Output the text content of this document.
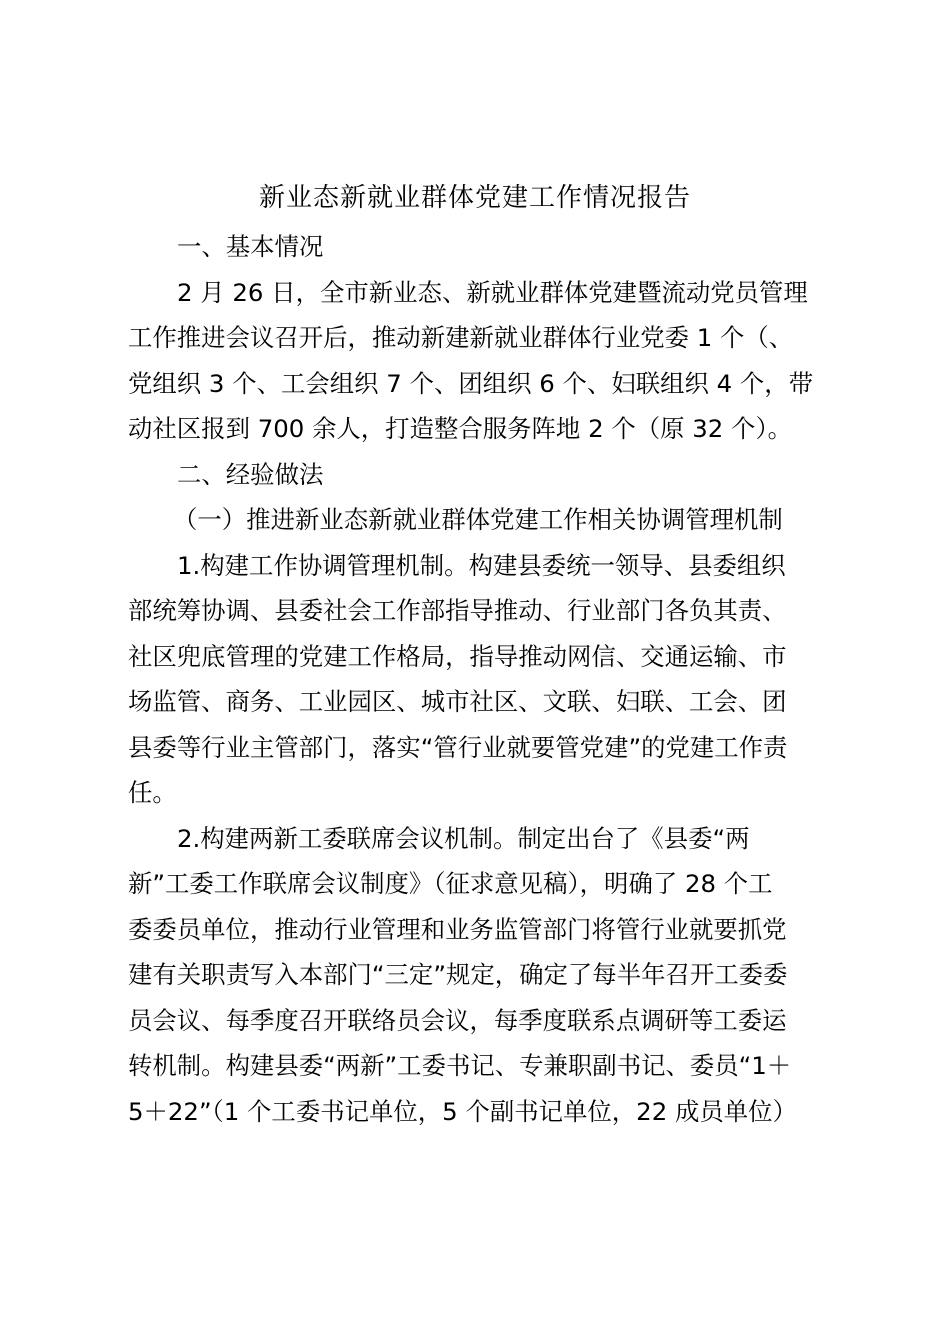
新业态新就业群体党建工作情况报告
一、基本情况
2 月 26 日，全市新业态、新就业群体党建暨流动党员管理
工作推进会议召开后，推动新建新就业群体行业党委 1 个（、
党组织 3 个、工会组织 7 个、团组织 6 个、妇联组织 4 个，带
动社区报到 700 余人，打造整合服务阵地 2 个（原 32 个）。
二、经验做法
（一）推进新业态新就业群体党建工作相关协调管理机制
1.构建工作协调管理机制。构建县委统一领导、县委组织
部统筹协调、县委社会工作部指导推动、行业部门各负其责、
社区兜底管理的党建工作格局，指导推动网信、交通运输、市
场监管、商务、工业园区、城市社区、文联、妇联、工会、团
县委等行业主管部门，落实“管行业就要管党建”的党建工作责
任。
2.构建两新工委联席会议机制。制定出台了《县委“两
新”工委工作联席会议制度》（征求意见稿），明确了 28 个工
委委员单位，推动行业管理和业务监管部门将管行业就要抓党
建有关职责写入本部门“三定”规定，确定了每半年召开工委委
员会议、每季度召开联络员会议，每季度联系点调研等工委运
转机制。构建县委“两新”工委书记、专兼职副书记、委员“1＋
5＋22”（1 个工委书记单位，5 个副书记单位，22 成员单位）
